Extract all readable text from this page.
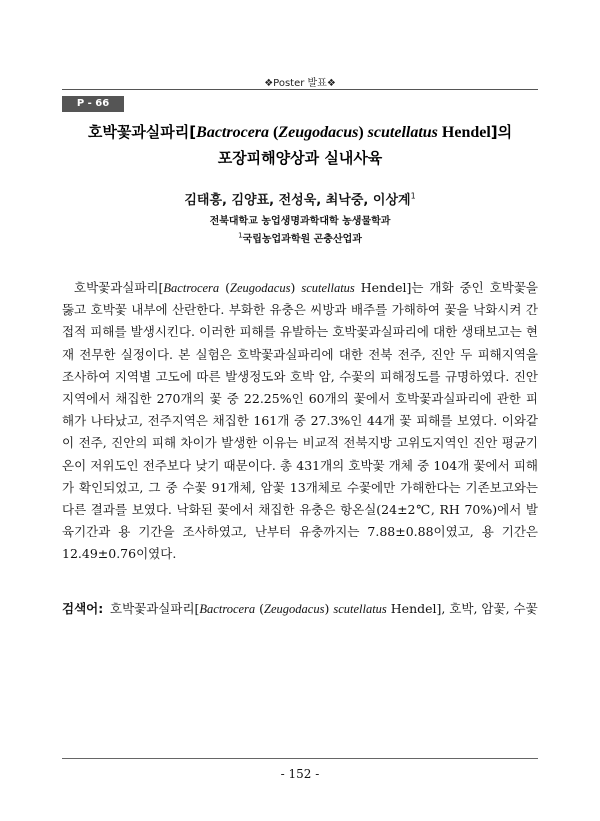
❖Poster 발표❖
P - 66
호박꽃과실파리[Bactrocera (Zeugodacus) scutellatus Hendel]의
포장피해양상과 실내사육
김태흥, 김양표, 전성욱, 최낙중, 이상계$^1$
전북대학교 농업생명과학대학 농생물학과
$^1$국립농업과학원 곤충산업과

호박꽃과실파리[Bactrocera (Zeugodacus) scutellatus Hendel]는 개화 중인 호박꽃을 뚫고 호박꽃 내부에 산란한다. 부화한 유충은 씨방과 배주를 가해하여 꽃을 낙화시켜 간접적 피해를 발생시킨다. 이러한 피해를 유발하는 호박꽃과실파리에 대한 생태보고는 현재 전무한 실정이다. 본 실험은 호박꽃과실파리에 대한 전북 전주, 진안 두 피해지역을 조사하여 지역별 고도에 따른 발생정도와 호박 암, 수꽃의 피해정도를 규명하였다. 진안지역에서 채집한 270개의 꽃 중 22.25%인 60개의 꽃에서 호박꽃과실파리에 관한 피해가 나타났고, 전주지역은 채집한 161개 중 27.3%인 44개 꽃 피해를 보였다. 이와같이 전주, 진안의 피해 차이가 발생한 이유는 비교적 전북지방 고위도지역인 진안 평균기온이 저위도인 전주보다 낮기 때문이다. 총 431개의 호박꽃 개체 중 104개 꽃에서 피해가 확인되었고, 그 중 수꽃 91개체, 암꽃 13개체로 수꽃에만 가해한다는 기존보고와는 다른 결과를 보였다. 낙화된 꽃에서 채집한 유충은 항온실(24±2℃, RH 70%)에서 발육기간과 용 기간을 조사하였고, 난부터 유충까지는 7.88±0.88이였고, 용 기간은 12.49±0.76이였다.

검색어: 호박꽃과실파리[Bactrocera (Zeugodacus) scutellatus Hendel], 호박, 암꽃, 수꽃
- 152 -
